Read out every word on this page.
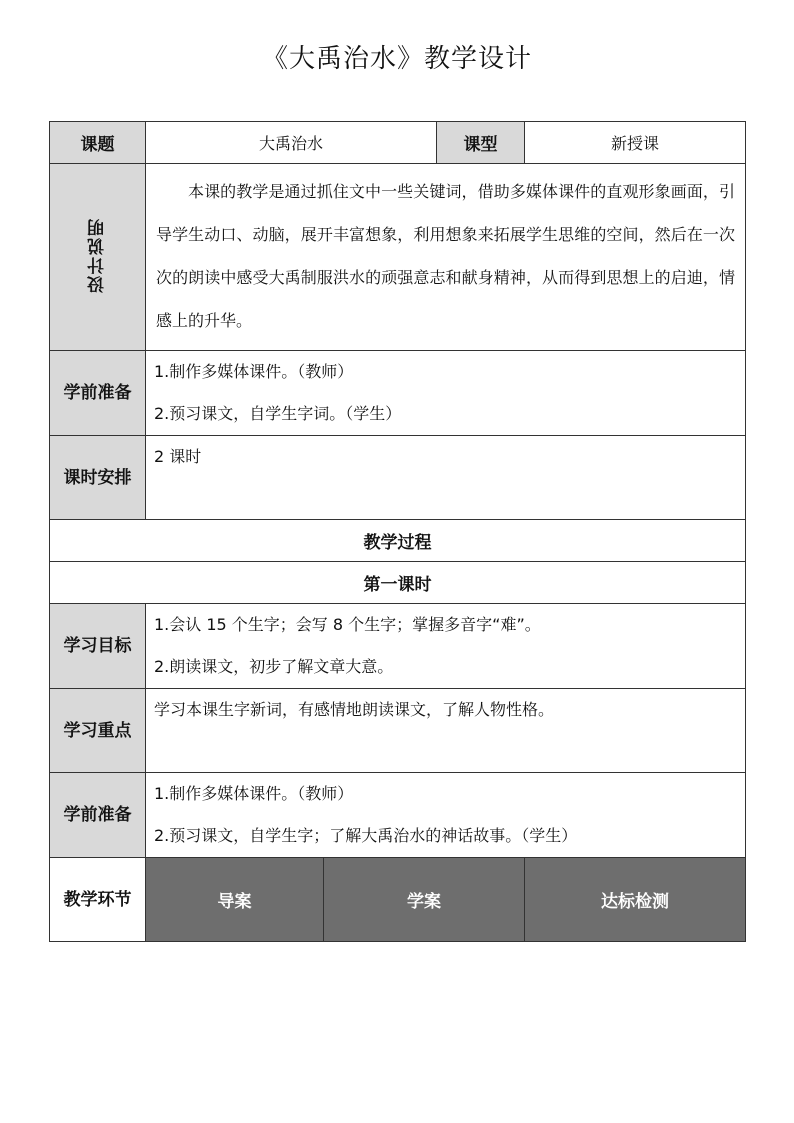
《大禹治水》教学设计
课题	大禹治水		课型	新授课
设计说明	本课的教学是通过抓住文中一些关键词，借助多媒体课件的直观形象画面，引导学生动口、动脑，展开丰富想象，利用想象来拓展学生思维的空间，然后在一次次的朗读中感受大禹制服洪水的顽强意志和献身精神，从而得到思想上的启迪，情感上的升华。			
学前准备	1.制作多媒体课件。（教师）
2.预习课文，自学生字词。（学生）			

课时安排	2 课时			

教学过程				
第一课时				
学习目标	1.会认 15 个生字；会写 8 个生字；掌握多音字“难”。
2.朗读课文，初步了解文章大意。			

学习重点	学习本课生字新词，有感情地朗读课文，了解人物性格。			

学前准备	1.制作多媒体课件。（教师）
2.预习课文，自学生字；了解大禹治水的神话故事。（学生）			

教学环节	导案	学案		达标检测
